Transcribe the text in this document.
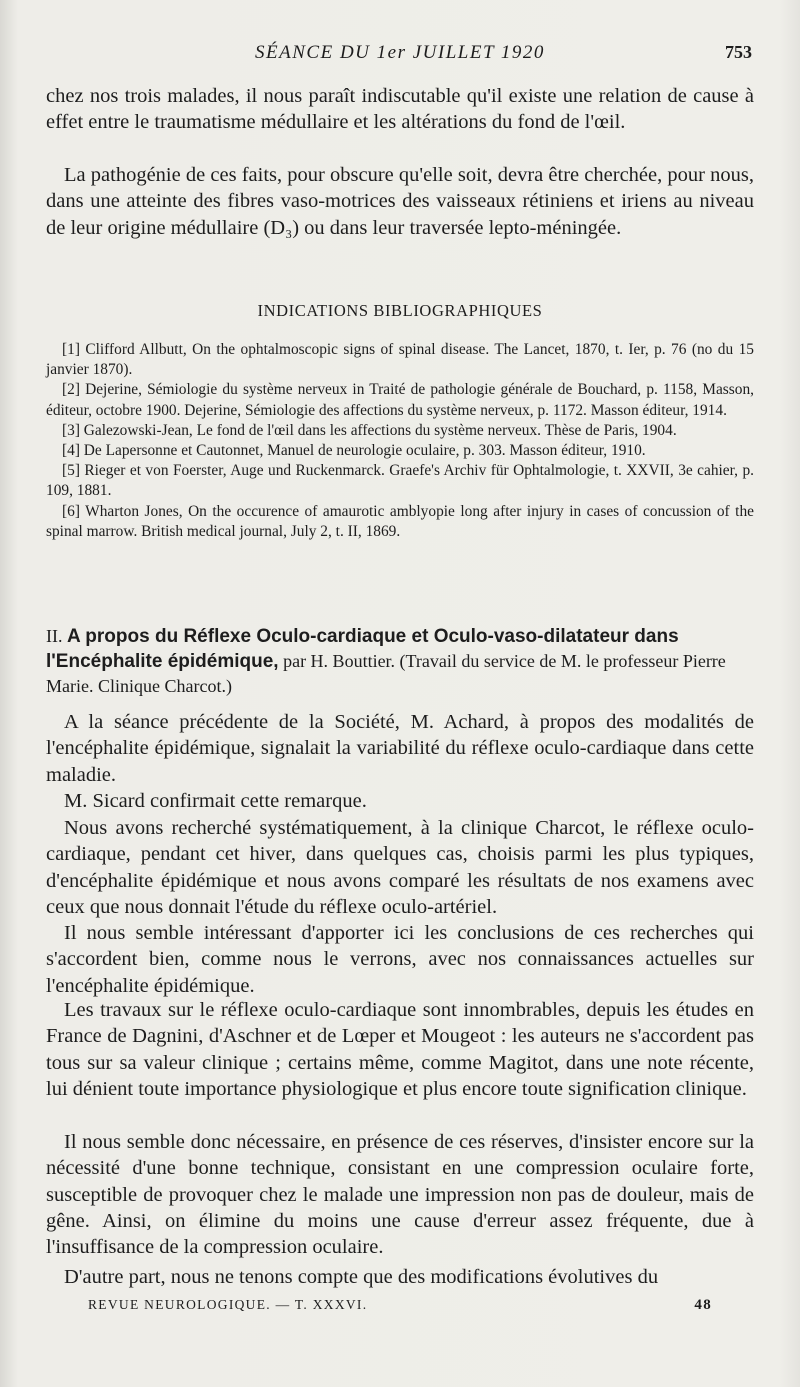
SÉANCE DU 1er JUILLET 1920	753

chez nos trois malades, il nous paraît indiscutable qu'il existe une relation de cause à effet entre le traumatisme médullaire et les altérations du fond de l'œil.

La pathogénie de ces faits, pour obscure qu'elle soit, devra être cherchée, pour nous, dans une atteinte des fibres vaso-motrices des vaisseaux rétiniens et iriens au niveau de leur origine médullaire (D₃) ou dans leur traversée lepto-méningée.

INDICATIONS BIBLIOGRAPHIQUES

[1] Clifford Allbutt, On the ophtalmoscopic signs of spinal disease. The Lancet, 1870, t. Ier, p. 76 (no du 15 janvier 1870).

[2] Dejerine, Sémiologie du système nerveux in Traité de pathologie générale de Bouchard, p. 1158, Masson, éditeur, octobre 1900. Dejerine, Sémiologie des affections du système nerveux, p. 1172. Masson éditeur, 1914.

[3] Galezowski-Jean, Le fond de l'œil dans les affections du système nerveux. Thèse de Paris, 1904.

[4] De Lapersonne et Cautonnet, Manuel de neurologie oculaire, p. 303. Masson éditeur, 1910.

[5] Rieger et von Foerster, Auge und Ruckenmarck. Graefe's Archiv für Ophtalmologie, t. XXVII, 3e cahier, p. 109, 1881.

[6] Wharton Jones, On the occurence of amaurotic amblyopie long after injury in cases of concussion of the spinal marrow. British medical journal, July 2, t. II, 1869.

II. A propos du Réflexe Oculo-cardiaque et Oculo-vaso-dilatateur dans l'Encéphalite épidémique, par H. Bouttier. (Travail du service de M. le professeur Pierre Marie. Clinique Charcot.)

A la séance précédente de la Société, M. Achard, à propos des modalités de l'encéphalite épidémique, signalait la variabilité du réflexe oculo-cardiaque dans cette maladie.

M. Sicard confirmait cette remarque.

Nous avons recherché systématiquement, à la clinique Charcot, le réflexe oculo-cardiaque, pendant cet hiver, dans quelques cas, choisis parmi les plus typiques, d'encéphalite épidémique et nous avons comparé les résultats de nos examens avec ceux que nous donnait l'étude du réflexe oculo-artériel.

Il nous semble intéressant d'apporter ici les conclusions de ces recherches qui s'accordent bien, comme nous le verrons, avec nos connaissances actuelles sur l'encéphalite épidémique.

Les travaux sur le réflexe oculo-cardiaque sont innombrables, depuis les études en France de Dagnini, d'Aschner et de Lœper et Mougeot : les auteurs ne s'accordent pas tous sur sa valeur clinique ; certains même, comme Magitot, dans une note récente, lui dénient toute importance physiologique et plus encore toute signification clinique.

Il nous semble donc nécessaire, en présence de ces réserves, d'insister encore sur la nécessité d'une bonne technique, consistant en une compression oculaire forte, susceptible de provoquer chez le malade une impression non pas de douleur, mais de gêne. Ainsi, on élimine du moins une cause d'erreur assez fréquente, due à l'insuffisance de la compression oculaire.

D'autre part, nous ne tenons compte que des modifications évolutives du

REVUE NEUROLOGIQUE. — T. XXXVI.	48
